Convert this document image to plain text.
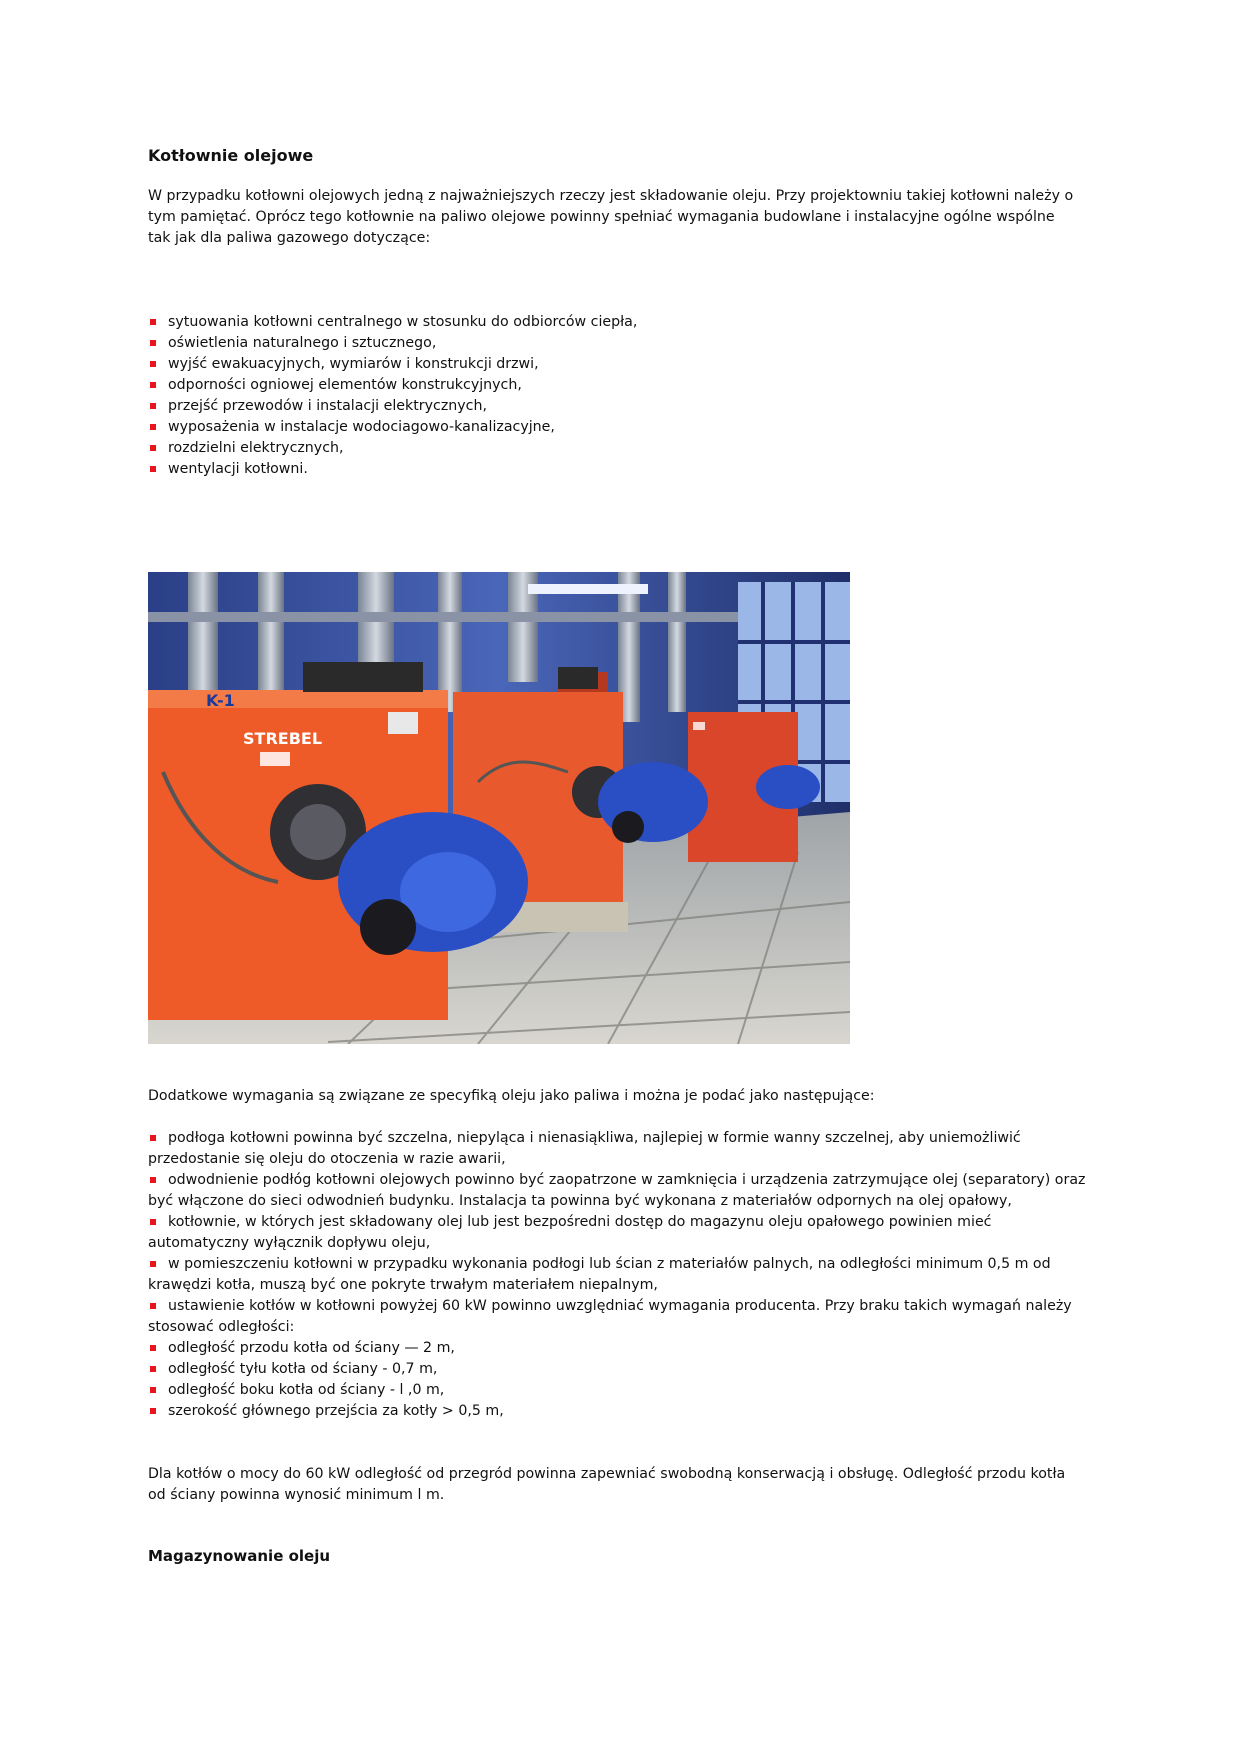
Kotłownie olejowe

W przypadku kotłowni olejowych jedną z najważniejszych rzeczy jest składowanie oleju. Przy projektowniu takiej kotłowni należy o tym pamiętać. Oprócz tego kotłownie na paliwo olejowe powinny spełniać wymagania budowlane i instalacyjne ogólne wspólne tak jak dla paliwa gazowego dotyczące:

sytuowania kotłowni centralnego w stosunku do odbiorców ciepła,
oświetlenia naturalnego i sztucznego,
wyjść ewakuacyjnych, wymiarów i konstrukcji drzwi,
odporności ogniowej elementów konstrukcyjnych,
przejść przewodów i instalacji elektrycznych,
wyposażenia w instalacje wodociagowo-kanalizacyjne,
rozdzielni elektrycznych,
wentylacji kotłowni.
K-1
STREBEL

Dodatkowe wymagania są związane ze specyfiką oleju jako paliwa i można je podać jako następujące:

podłoga kotłowni powinna być szczelna, niepyląca i nienasiąkliwa, najlepiej w formie wanny szczelnej, aby uniemożliwić przedostanie się oleju do otoczenia w razie awarii,
odwodnienie podłóg kotłowni olejowych powinno być zaopatrzone w zamknięcia i urządzenia zatrzymujące olej (separatory) oraz być włączone do sieci odwodnień budynku. Instalacja ta powinna być wykonana z materiałów odpornych na olej opałowy,
kotłownie, w których jest składowany olej lub jest bezpośredni dostęp do magazynu oleju opałowego powinien mieć automatyczny wyłącznik dopływu oleju,
w pomieszczeniu kotłowni w przypadku wykonania podłogi lub ścian z materiałów palnych, na odległości minimum 0,5 m od krawędzi kotła, muszą być one pokryte trwałym materiałem niepalnym,
ustawienie kotłów w kotłowni powyżej 60 kW powinno uwzględniać wymagania producenta. Przy braku takich wymagań należy stosować odległości:
odległość przodu kotła od ściany — 2 m,
odległość tyłu kotła od ściany - 0,7 m,
odległość boku kotła od ściany - l ,0 m,
szerokość głównego przejścia za kotły > 0,5 m,

Dla kotłów o mocy do 60 kW odległość od przegród powinna zapewniać swobodną konserwacją i obsługę. Odległość przodu kotła od ściany powinna wynosić minimum l m.

Magazynowanie oleju
